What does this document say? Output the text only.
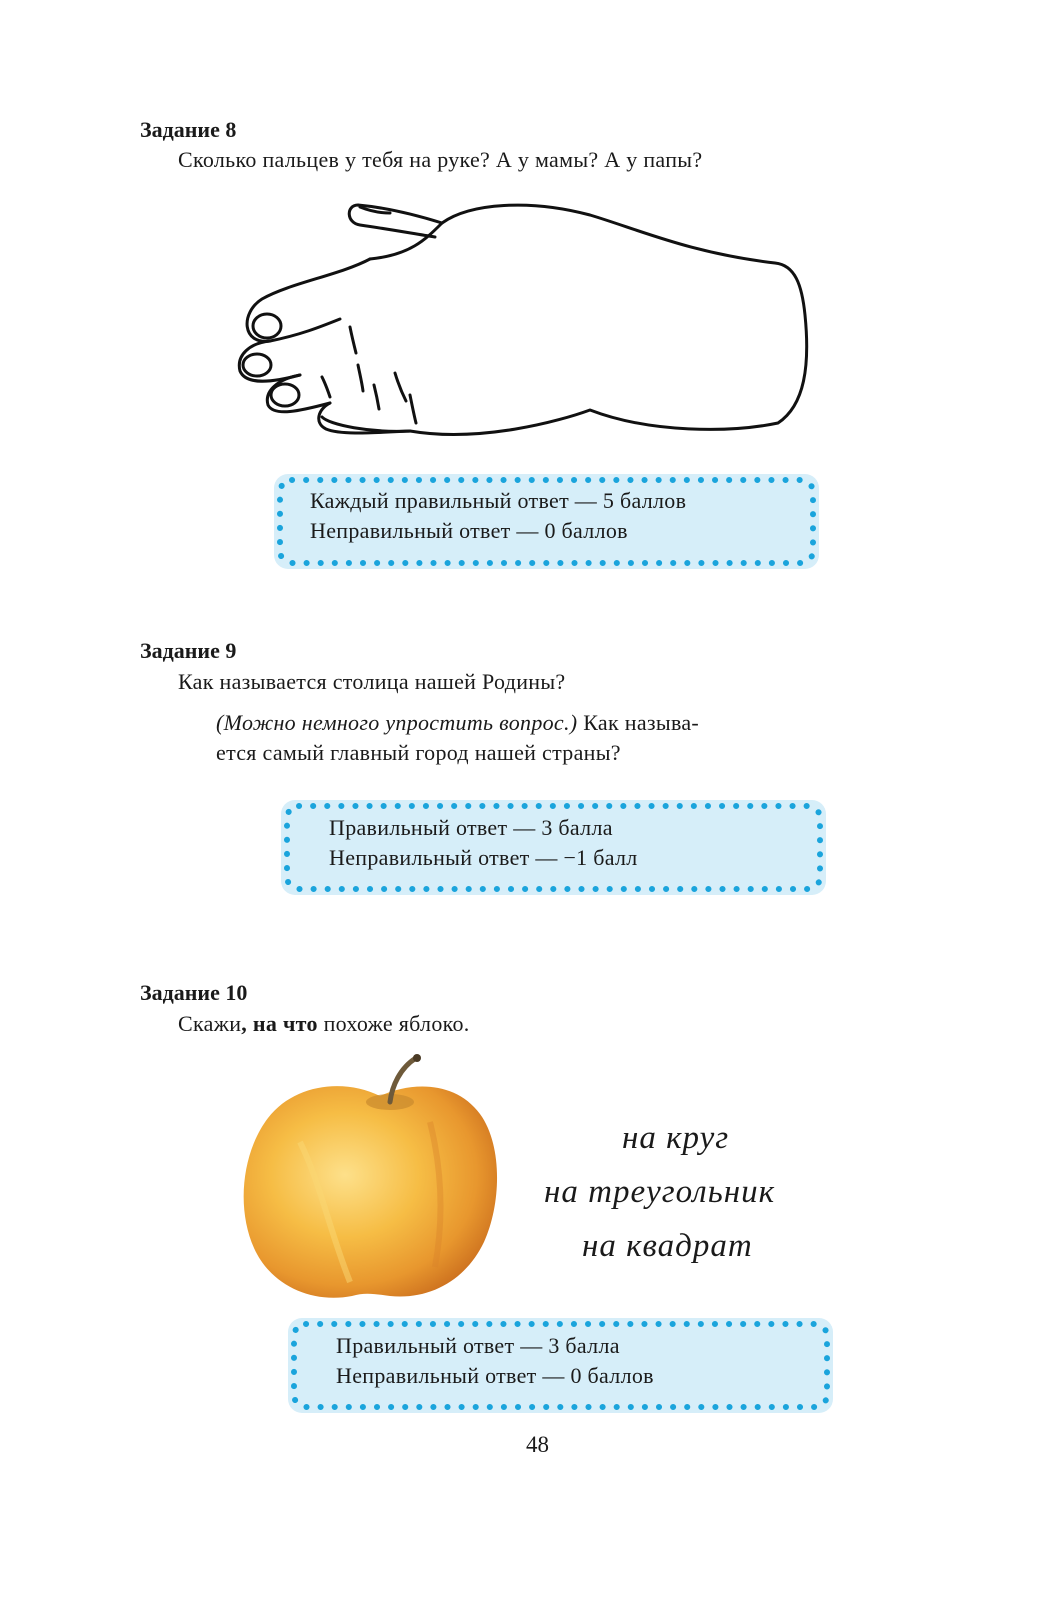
Задание 8
Сколько пальцев у тебя на руке? А у мамы? А у папы?
Каждый правильный ответ — 5 баллов
Неправильный ответ — 0 баллов
Задание 9
Как называется столица нашей Родины?
(Можно немного упростить вопрос.) Как называ-
ется самый главный город нашей страны?
Правильный ответ — 3 балла
Неправильный ответ — −1 балл
Задание 10
Скажи, на что похоже яблоко.
на круг
на треугольник
на квадрат
Правильный ответ — 3 балла
Неправильный ответ — 0 баллов
48
